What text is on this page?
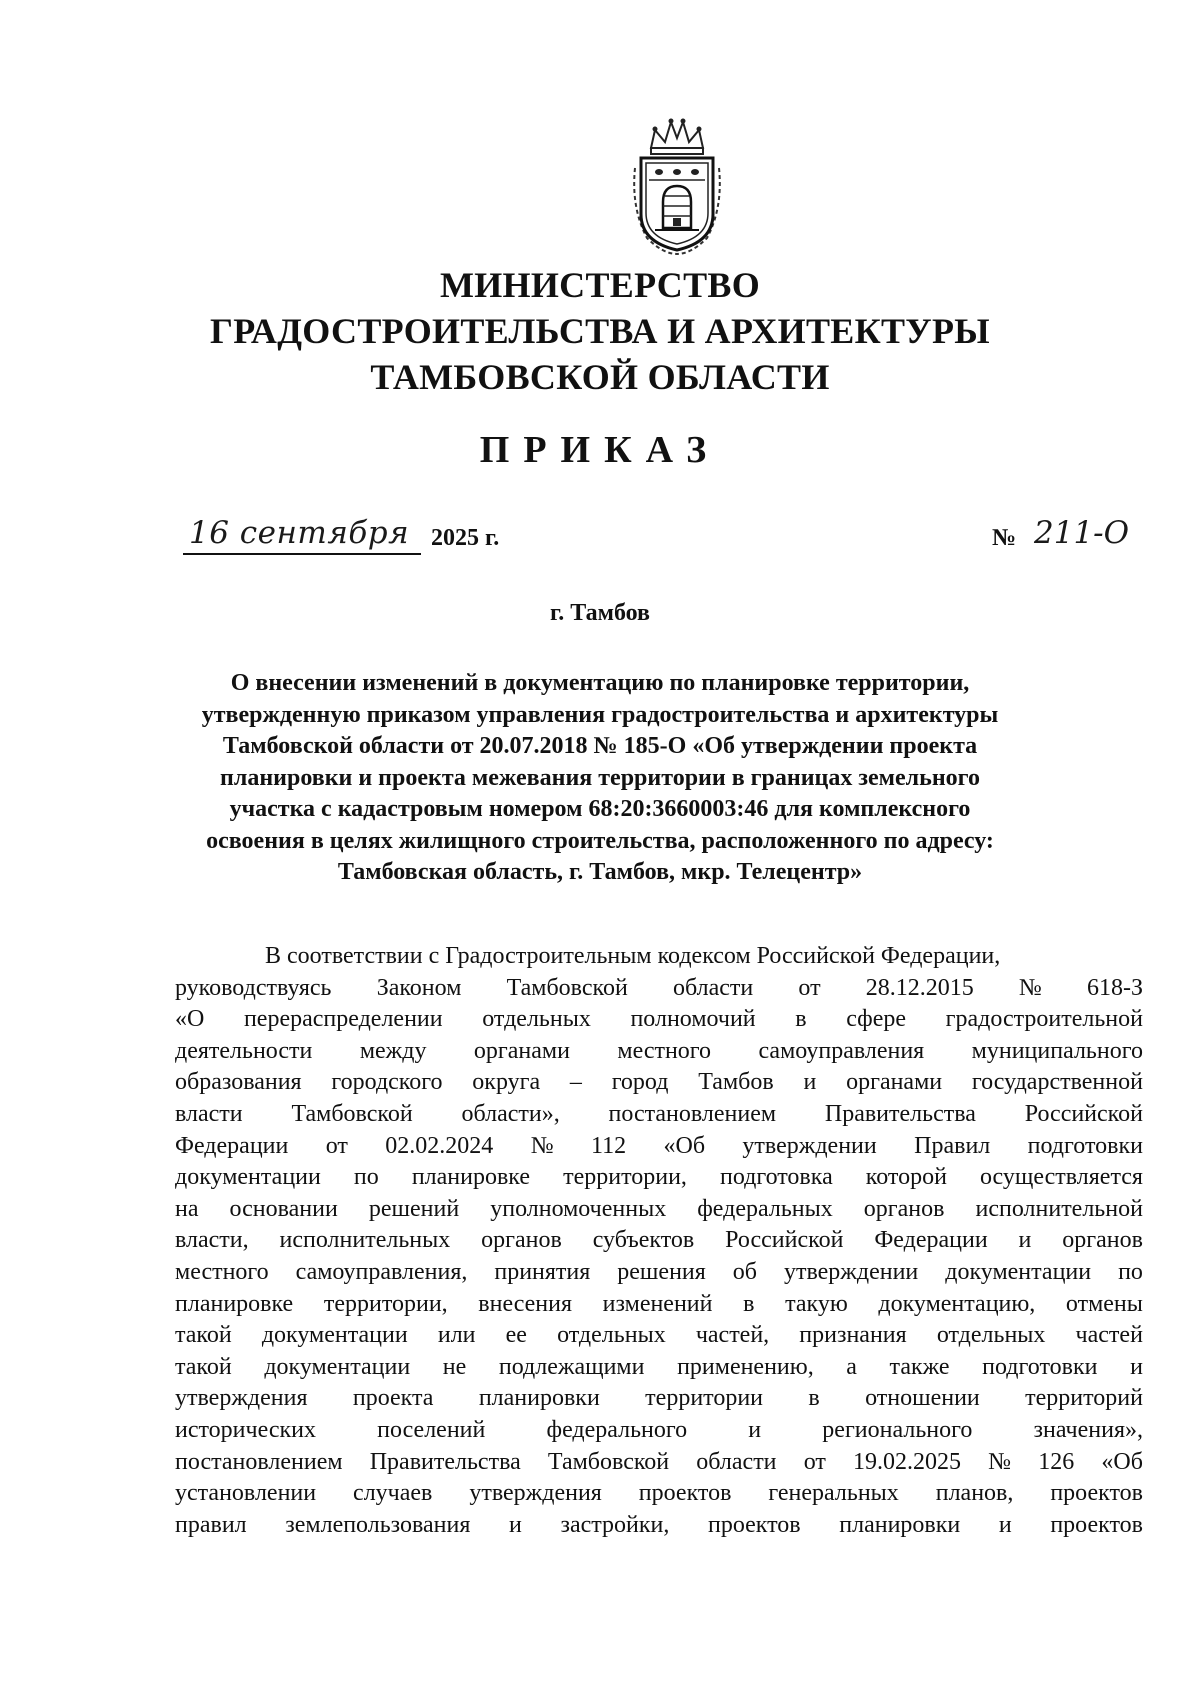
МИНИСТЕРСТВО
ГРАДОСТРОИТЕЛЬСТВА И АРХИТЕКТУРЫ
ТАМБОВСКОЙ ОБЛАСТИ
ПРИКАЗ
16 сентября 2025 г.	№ 211-О
г. Тамбов
О внесении изменений в документацию по планировке территории,
утвержденную приказом управления градостроительства и архитектуры
Тамбовской области от 20.07.2018 № 185-О «Об утверждении проекта
планировки и проекта межевания территории в границах земельного
участка с кадастровым номером 68:20:3660003:46 для комплексного
освоения в целях жилищного строительства, расположенного по адресу:
Тамбовская область, г. Тамбов, мкр. Телецентр»
В соответствии с Градостроительным кодексом Российской Федерации,
руководствуясь Законом Тамбовской области от 28.12.2015 № 618-З
«О перераспределении отдельных полномочий в сфере градостроительной
деятельности между органами местного самоуправления муниципального
образования городского округа – город Тамбов и органами государственной
власти Тамбовской области», постановлением Правительства Российской
Федерации от 02.02.2024 № 112 «Об утверждении Правил подготовки
документации по планировке территории, подготовка которой осуществляется
на основании решений уполномоченных федеральных органов исполнительной
власти, исполнительных органов субъектов Российской Федерации и органов
местного самоуправления, принятия решения об утверждении документации по
планировке территории, внесения изменений в такую документацию, отмены
такой документации или ее отдельных частей, признания отдельных частей
такой документации не подлежащими применению, а также подготовки и
утверждения проекта планировки территории в отношении территорий
исторических	поселений	федерального	и	регионального	значения»,
постановлением Правительства Тамбовской области от 19.02.2025 № 126 «Об
установлении случаев утверждения проектов генеральных планов, проектов
правил землепользования и застройки, проектов планировки и проектов
